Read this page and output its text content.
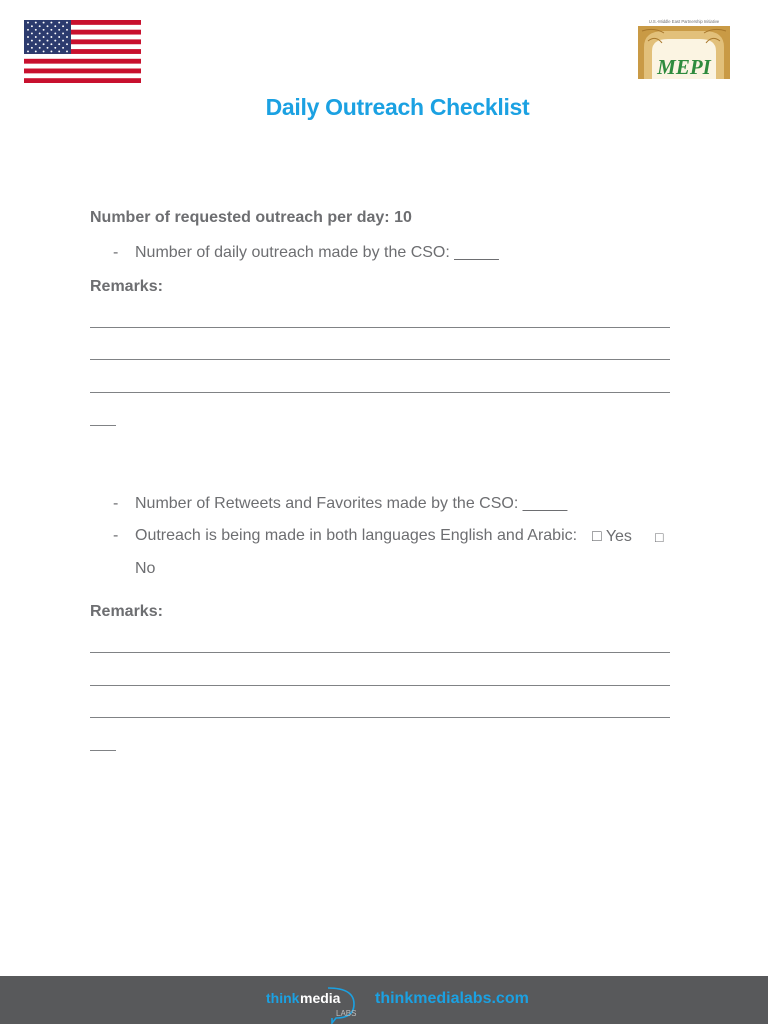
U.S.-Middle East Partnership Initiative
MEPI
Daily Outreach Checklist
Number of requested outreach per day: 10
- Number of daily outreach made by the CSO: _____
Remarks:
- Number of Retweets and Favorites made by the CSO: _____
- Outreach is being made in both languages English and Arabic: □ Yes □
No
Remarks:
think media
LABS
thinkmedialabs.com
